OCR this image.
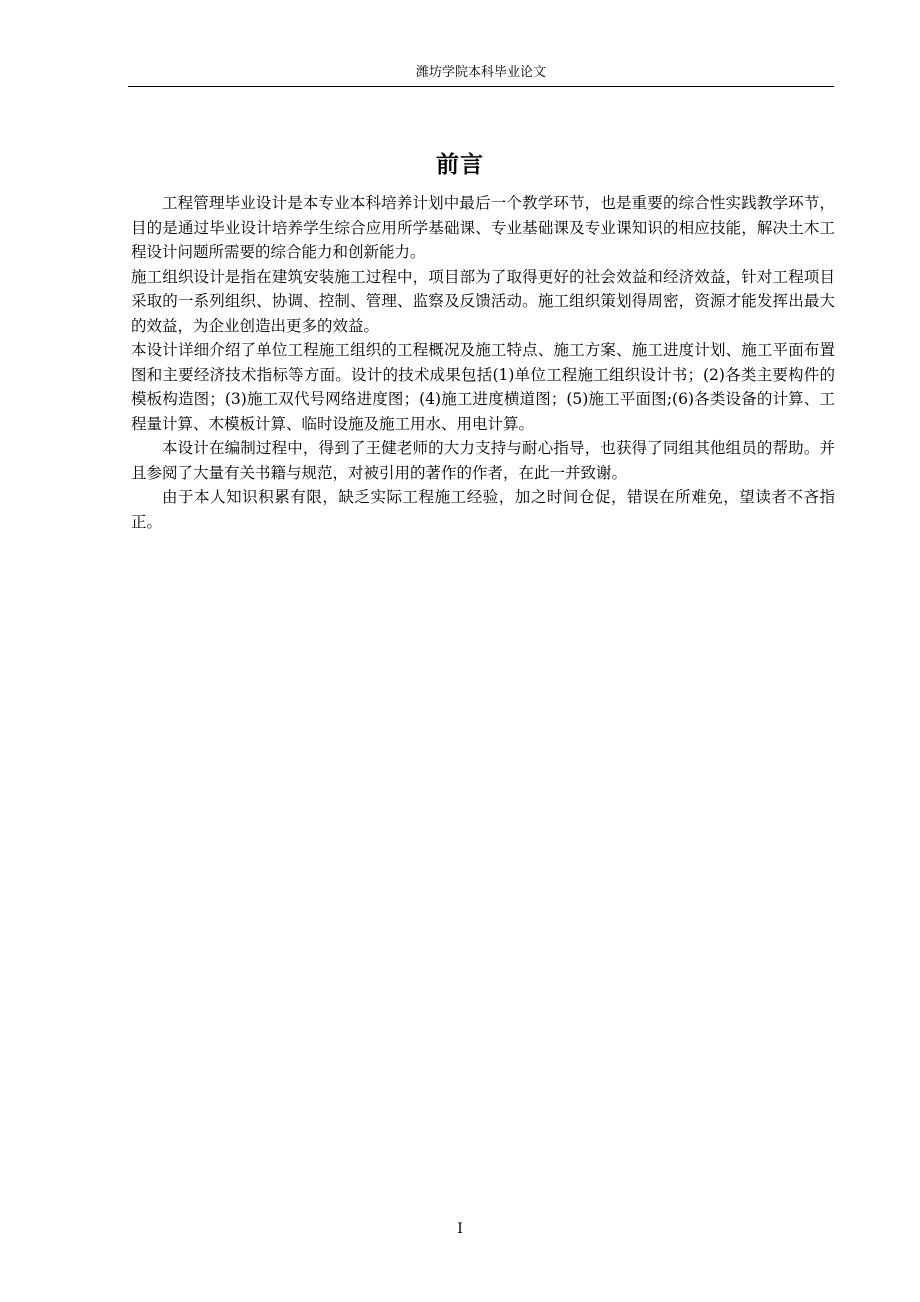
潍坊学院本科毕业论文
前言

工程管理毕业设计是本专业本科培养计划中最后一个教学环节，也是重要的综合性实践教学环节，目的是通过毕业设计培养学生综合应用所学基础课、专业基础课及专业课知识的相应技能，解决土木工程设计问题所需要的综合能力和创新能力。

施工组织设计是指在建筑安装施工过程中，项目部为了取得更好的社会效益和经济效益，针对工程项目采取的一系列组织、协调、控制、管理、监察及反馈活动。施工组织策划得周密，资源才能发挥出最大的效益，为企业创造出更多的效益。

本设计详细介绍了单位工程施工组织的工程概况及施工特点、施工方案、施工进度计划、施工平面布置图和主要经济技术指标等方面。设计的技术成果包括(1)单位工程施工组织设计书；(2)各类主要构件的模板构造图；(3)施工双代号网络进度图；(4)施工进度横道图；(5)施工平面图;(6)各类设备的计算、工程量计算、木模板计算、临时设施及施工用水、用电计算。

本设计在编制过程中，得到了王健老师的大力支持与耐心指导，也获得了同组其他组员的帮助。并且参阅了大量有关书籍与规范，对被引用的著作的作者，在此一并致谢。

由于本人知识积累有限，缺乏实际工程施工经验，加之时间仓促，错误在所难免，望读者不吝指正。

I
